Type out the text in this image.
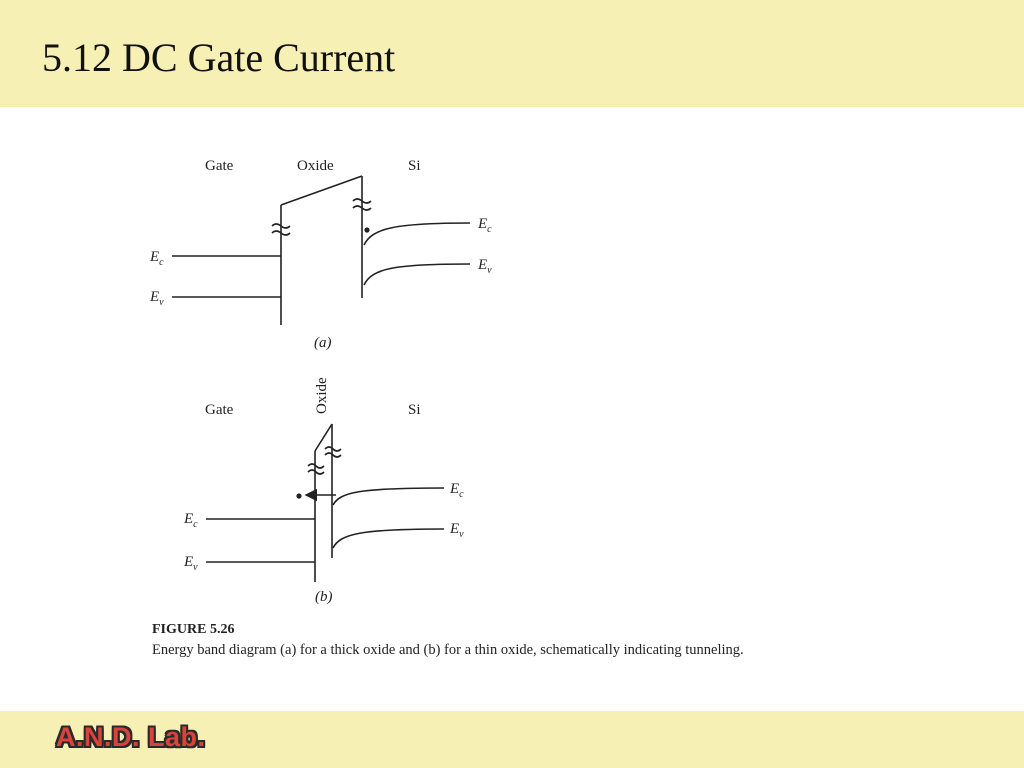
5.12 DC Gate Current
Gate	Oxide	Si
$E_c$
$E_v$
$E_c$
$E_v$
(a)
Gate	Si
Oxide
$E_c$
$E_v$
$E_c$
$E_v$
(b)
FIGURE 5.26
Energy band diagram (a) for a thick oxide and (b) for a thin oxide, schematically indicating tunneling.
A.N.D. Lab.
